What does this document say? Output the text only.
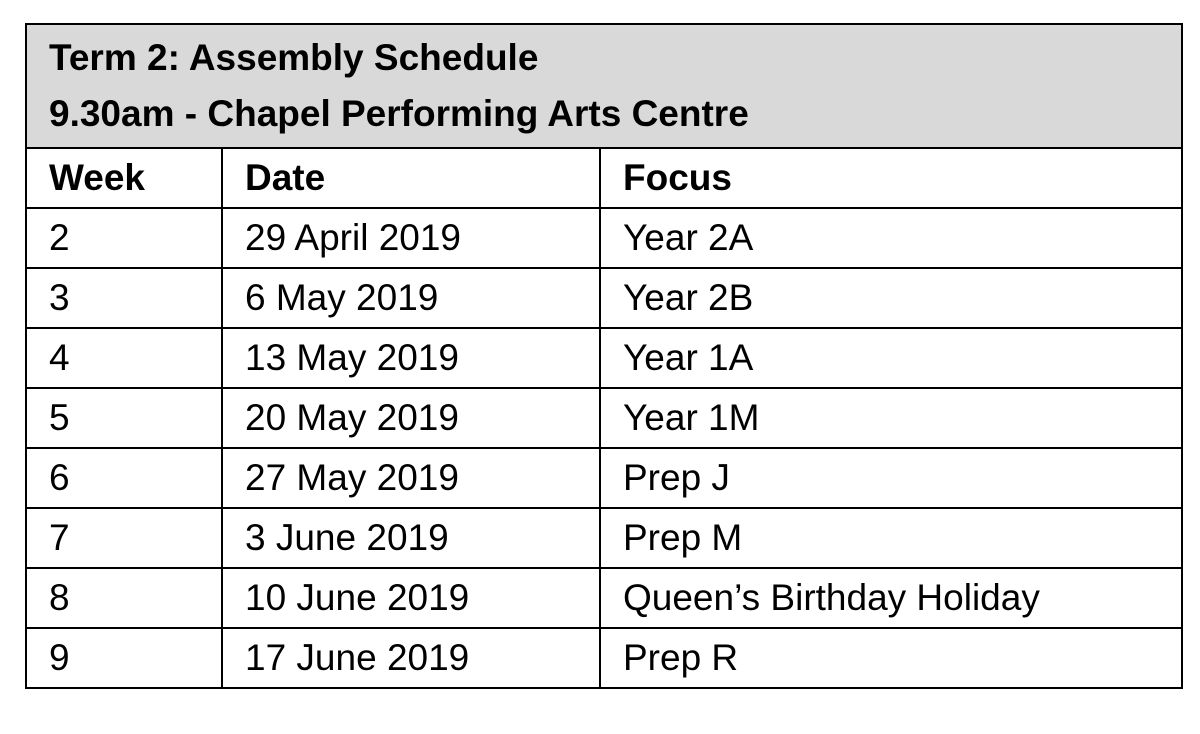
Term 2: Assembly Schedule
9.30am - Chapel Performing Arts Centre		

Week	Date	Focus
2	29 April 2019	Year 2A
3	6 May 2019	Year 2B
4	13 May 2019	Year 1A
5	20 May 2019	Year 1M
6	27 May 2019	Prep J
7	3 June 2019	Prep M
8	10 June 2019	Queen’s Birthday Holiday
9	17 June 2019	Prep R
